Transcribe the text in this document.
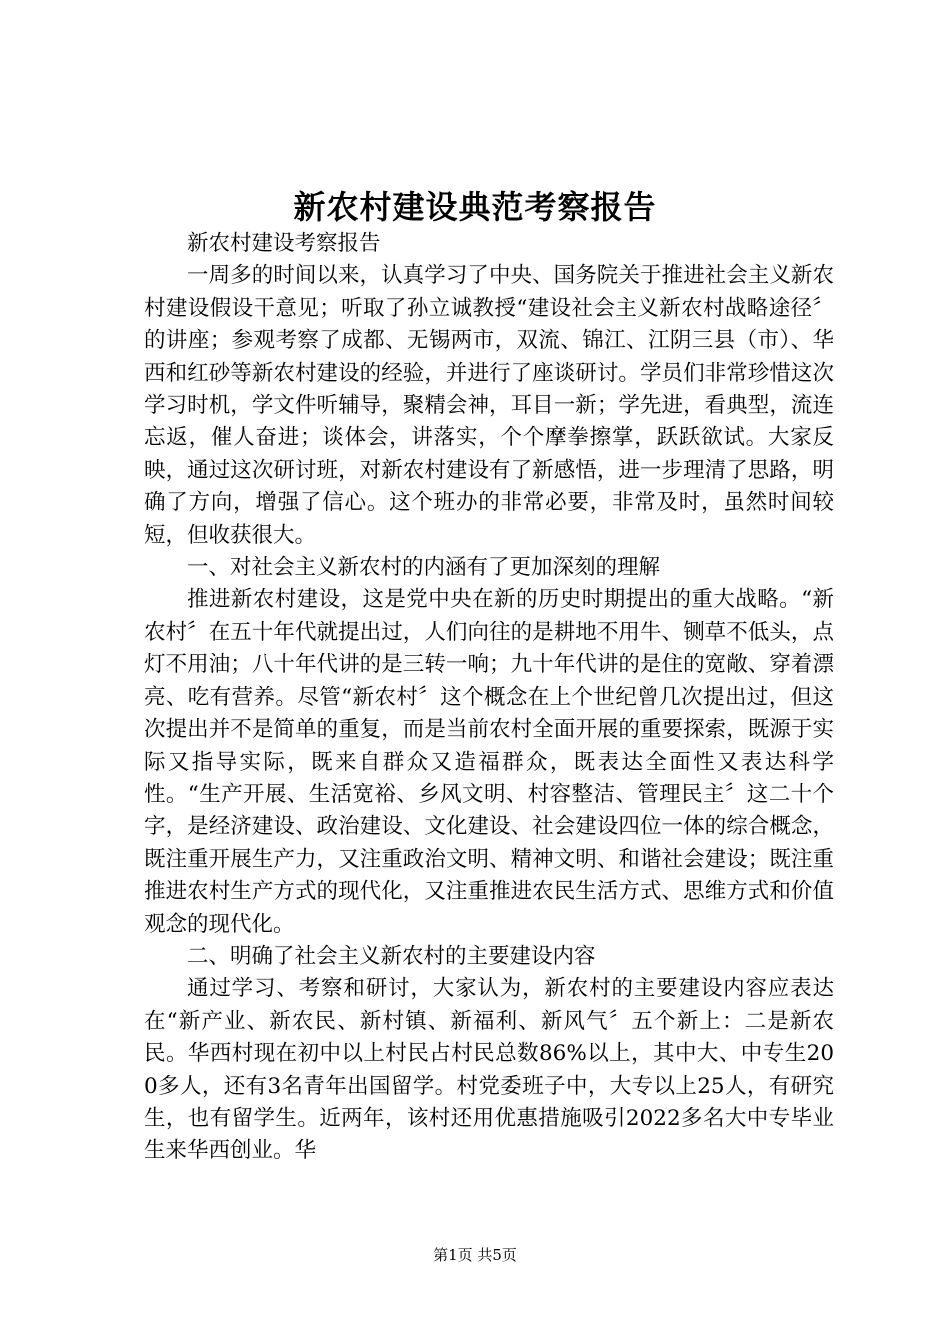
新农村建设典范考察报告

新农村建设考察报告

一周多的时间以来，认真学习了中央、国务院关于推进社会主义新农村建设假设干意见；听取了孙立诚教授“建设社会主义新农村战略途径〞的讲座；参观考察了成都、无锡两市，双流、锦江、江阴三县（市）、华西和红砂等新农村建设的经验，并进行了座谈研讨。学员们非常珍惜这次学习时机，学文件听辅导，聚精会神，耳目一新；学先进，看典型，流连忘返，催人奋进；谈体会，讲落实，个个摩拳擦掌，跃跃欲试。大家反映，通过这次研讨班，对新农村建设有了新感悟，进一步理清了思路，明确了方向，增强了信心。这个班办的非常必要，非常及时，虽然时间较短，但收获很大。

一、对社会主义新农村的内涵有了更加深刻的理解

推进新农村建设，这是党中央在新的历史时期提出的重大战略。“新农村〞在五十年代就提出过，人们向往的是耕地不用牛、铡草不低头，点灯不用油；八十年代讲的是三转一响；九十年代讲的是住的宽敞、穿着漂亮、吃有营养。尽管“新农村〞这个概念在上个世纪曾几次提出过，但这次提出并不是简单的重复，而是当前农村全面开展的重要探索，既源于实际又指导实际，既来自群众又造福群众，既表达全面性又表达科学性。“生产开展、生活宽裕、乡风文明、村容整洁、管理民主〞这二十个字，是经济建设、政治建设、文化建设、社会建设四位一体的综合概念，既注重开展生产力，又注重政治文明、精神文明、和谐社会建设；既注重推进农村生产方式的现代化，又注重推进农民生活方式、思维方式和价值观念的现代化。

二、明确了社会主义新农村的主要建设内容

通过学习、考察和研讨，大家认为，新农村的主要建设内容应表达在“新产业、新农民、新村镇、新福利、新风气〞五个新上：二是新农民。华西村现在初中以上村民占村民总数86%以上，其中大、中专生200多人，还有3名青年出国留学。村党委班子中，大专以上25人，有研究生，也有留学生。近两年，该村还用优惠措施吸引2022多名大中专毕业生来华西创业。华

第1页 共5页
